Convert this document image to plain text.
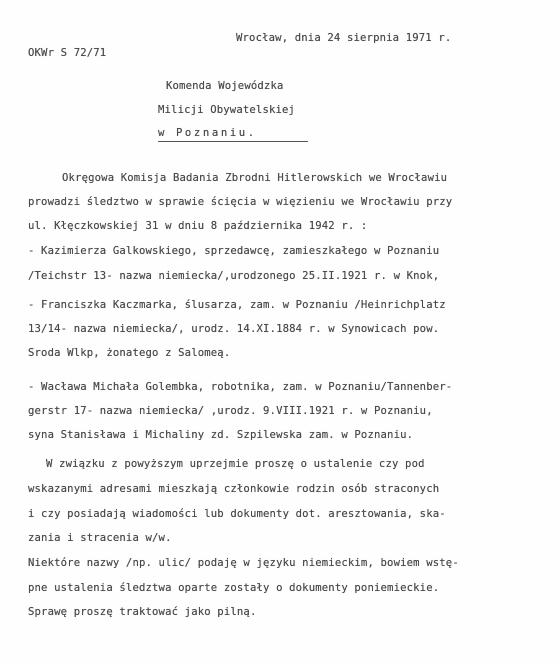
Wrocław, dnia 24 sierpnia 1971 r.
OKWr S 72/71
Komenda Wojewódzka
Milicji Obywatelskiej
w Poznaniu.
Okręgowa Komisja Badania Zbrodni Hitlerowskich we Wrocławiu
prowadzi śledztwo w sprawie ścięcia w więzieniu we Wrocławiu przy
ul. Kłęczkowskiej 31 w dniu 8 października 1942 r. :
- Kazimierza Galkowskiego, sprzedawcę, zamieszkałego w Poznaniu
/Teichstr 13- nazwa niemiecka/,urodzonego 25.II.1921 r. w Knok,
- Franciszka Kaczmarka, ślusarza, zam. w Poznaniu /Heinrichplatz
13/14- nazwa niemiecka/, urodz. 14.XI.1884 r. w Synowicach pow.
Sroda Wlkp, żonatego z Salomeą.
- Wacława Michała Golembka, robotnika, zam. w Poznaniu/Tannenber-
gerstr 17- nazwa niemiecka/ ,urodz. 9.VIII.1921 r. w Poznaniu,
syna Stanisława i Michaliny zd. Szpilewska zam. w Poznaniu.
W związku z powyższym uprzejmie proszę o ustalenie czy pod
wskazanymi adresami mieszkają członkowie rodzin osób straconych
i czy posiadają wiadomości lub dokumenty dot. aresztowania, ska-
zania i stracenia w/w.
Niektóre nazwy /np. ulic/ podaję w języku niemieckim, bowiem wstę-
pne ustalenia śledztwa oparte zostały o dokumenty poniemieckie.
Sprawę proszę traktować jako pilną.
